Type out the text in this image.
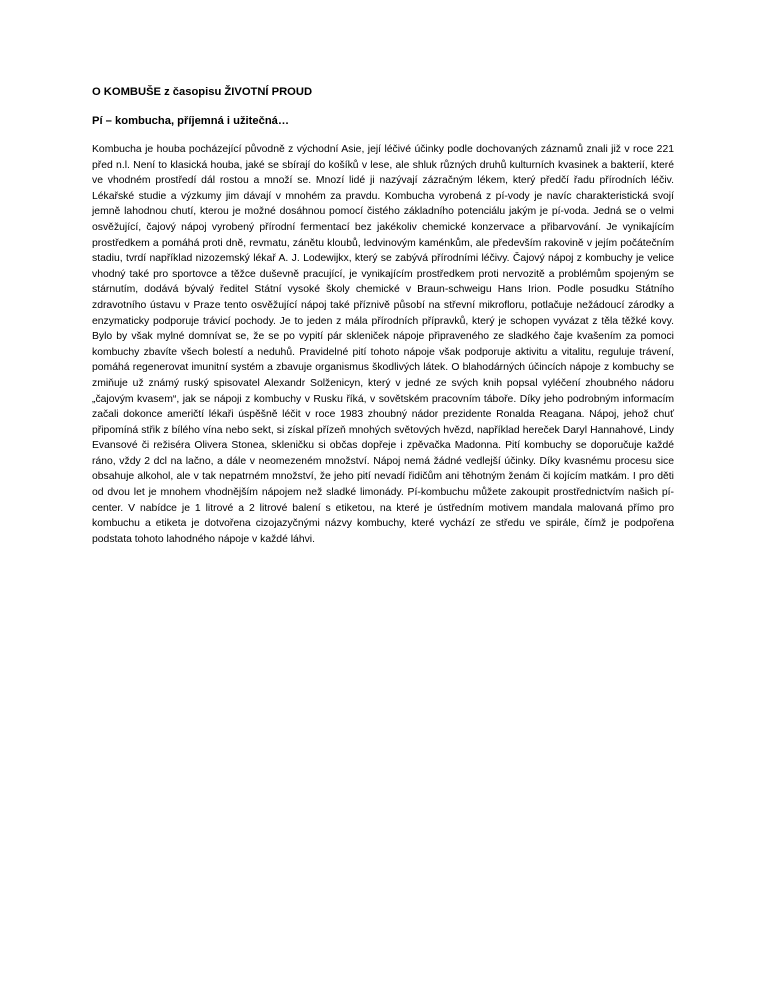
O KOMBUŠE z časopisu ŽIVOTNÍ PROUD

Pí – kombucha, příjemná i užitečná…

Kombucha je houba pocházející původně z východní Asie, její léčivé účinky podle dochovaných záznamů znali již v roce 221 před n.l. Není to klasická houba, jaké se sbírají do košíků v lese, ale shluk různých druhů kulturních kvasinek a bakterií, které ve vhodném prostředí dál rostou a množí se. Mnozí lidé ji nazývají zázračným lékem, který předčí řadu přírodních léčiv. Lékařské studie a výzkumy jim dávají v mnohém za pravdu. Kombucha vyrobená z pí-vody je navíc charakteristická svojí jemně lahodnou chutí, kterou je možné dosáhnou pomocí čistého základního potenciálu jakým je pí-voda. Jedná se o velmi osvěžující, čajový nápoj vyrobený přírodní fermentací bez jakékoliv chemické konzervace a přibarvování. Je vynikajícím prostředkem a pomáhá proti dně, revmatu, zánětu kloubů, ledvinovým kaménkům, ale především rakovině v jejím počátečním stadiu, tvrdí například nizozemský lékař A. J. Lodewijkx, který se zabývá přírodními léčivy. Čajový nápoj z kombuchy je velice vhodný také pro sportovce a těžce duševně pracující, je vynikajícím prostředkem proti nervozitě a problémům spojeným se stárnutím, dodává bývalý ředitel Státní vysoké školy chemické v Braun-schweigu Hans Irion. Podle posudku Státního zdravotního ústavu v Praze tento osvěžující nápoj také příznivě působí na střevní mikrofloru, potlačuje nežádoucí zárodky a enzymaticky podporuje trávicí pochody. Je to jeden z mála přírodních přípravků, který je schopen vyvázat z těla těžké kovy. Bylo by však mylné domnívat se, že se po vypití pár skleniček nápoje připraveného ze sladkého čaje kvašením za pomoci kombuchy zbavíte všech bolestí a neduhů. Pravidelné pití tohoto nápoje však podporuje aktivitu a vitalitu, reguluje trávení, pomáhá regenerovat imunitní systém a zbavuje organismus škodlivých látek. O blahodárných účincích nápoje z kombuchy se zmiňuje už známý ruský spisovatel Alexandr Solženicyn, který v jedné ze svých knih popsal vyléčení zhoubného nádoru „čajovým kvasem“, jak se nápoji z kombuchy v Rusku říká, v sovětském pracovním táboře. Díky jeho podrobným informacím začali dokonce američtí lékaři úspěšně léčit v roce 1983 zhoubný nádor prezidente Ronalda Reagana. Nápoj, jehož chuť připomíná střik z bílého vína nebo sekt, si získal přízeň mnohých světových hvězd, například hereček Daryl Hannahové, Lindy Evansové či režiséra Olivera Stonea, skleničku si občas dopřeje i zpěvačka Madonna. Pití kombuchy se doporučuje každé ráno, vždy 2 dcl na lačno, a dále v neomezeném množství. Nápoj nemá žádné vedlejší účinky. Díky kvasnému procesu sice obsahuje alkohol, ale v tak nepatrném množství, že jeho pití nevadí řidičům ani těhotným ženám či kojícím matkám. I pro děti od dvou let je mnohem vhodnějším nápojem než sladké limonády. Pí-kombuchu můžete zakoupit prostřednictvím našich pí-center. V nabídce je 1 litrové a 2 litrové balení s etiketou, na které je ústředním motivem mandala malovaná přímo pro kombuchu a etiketa je dotvořena cizojazyčnými názvy kombuchy, které vychází ze středu ve spirále, čímž je podpořena podstata tohoto lahodného nápoje v každé láhvi.
